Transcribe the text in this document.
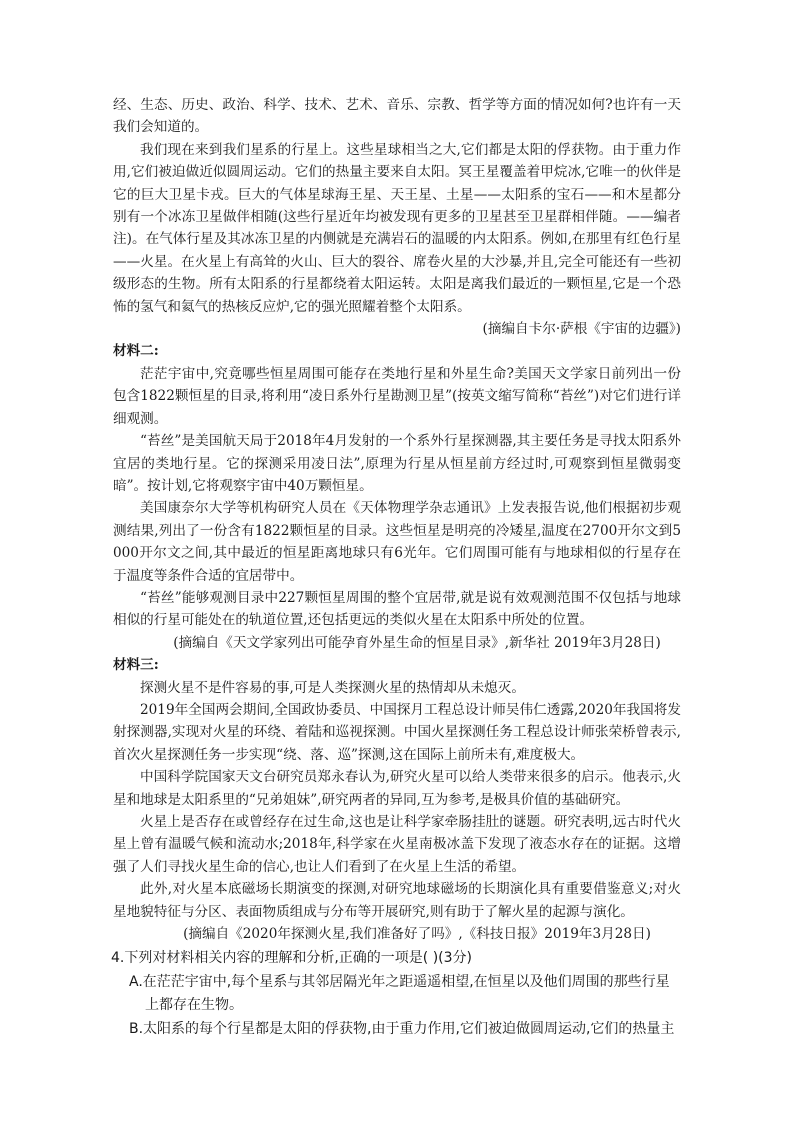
经、生态、历史、政治、科学、技术、艺术、音乐、宗教、哲学等方面的情况如何?也许有一天我们会知道的。

我们现在来到我们星系的行星上。这些星球相当之大,它们都是太阳的俘获物。由于重力作用,它们被迫做近似圆周运动。它们的热量主要来自太阳。冥王星覆盖着甲烷冰,它唯一的伙伴是它的巨大卫星卡戎。巨大的气体星球海王星、天王星、土星——太阳系的宝石——和木星都分别有一个冰冻卫星做伴相随(这些行星近年均被发现有更多的卫星甚至卫星群相伴随。——编者注)。在气体行星及其冰冻卫星的内侧就是充满岩石的温暖的内太阳系。例如,在那里有红色行星——火星。在火星上有高耸的火山、巨大的裂谷、席卷火星的大沙暴,并且,完全可能还有一些初级形态的生物。所有太阳系的行星都绕着太阳运转。太阳是离我们最近的一颗恒星,它是一个恐怖的氢气和氦气的热核反应炉,它的强光照耀着整个太阳系。

(摘编自卡尔·萨根《宇宙的边疆》)

材料二:

茫茫宇宙中,究竟哪些恒星周围可能存在类地行星和外星生命?美国天文学家日前列出一份包含1822颗恒星的目录,将利用“凌日系外行星勘测卫星”(按英文缩写简称“苔丝”)对它们进行详细观测。

“苔丝”是美国航天局于2018年4月发射的一个系外行星探测器,其主要任务是寻找太阳系外宜居的类地行星。它的探测采用凌日法”,原理为行星从恒星前方经过时,可观察到恒星微弱变暗”。按计划,它将观察宇宙中40万颗恒星。

美国康奈尔大学等机构研究人员在《天体物理学杂志通讯》上发表报告说,他们根据初步观测结果,列出了一份含有1822颗恒星的目录。这些恒星是明亮的冷矮星,温度在2700开尔文到5 000开尔文之间,其中最近的恒星距离地球只有6光年。它们周围可能有与地球相似的行星存在于温度等条件合适的宜居带中。

“苔丝”能够观测目录中227颗恒星周围的整个宜居带,就是说有效观测范围不仅包括与地球相似的行星可能处在的轨道位置,还包括更远的类似火星在太阳系中所处的位置。

(摘编自《天文学家列出可能孕育外星生命的恒星目录》,新华社 2019年3月28日)

材料三:

探测火星不是件容易的事,可是人类探测火星的热情却从未熄灭。

2019年全国两会期间,全国政协委员、中国探月工程总设计师吴伟仁透露,2020年我国将发射探测器,实现对火星的环绕、着陆和巡视探测。中国火星探测任务工程总设计师张荣桥曾表示,首次火星探测任务一步实现“绕、落、巡”探测,这在国际上前所未有,难度极大。

中国科学院国家天文台研究员郑永春认为,研究火星可以给人类带来很多的启示。他表示,火星和地球是太阳系里的“兄弟姐妹”,研究两者的异同,互为参考,是极具价值的基础研究。

火星上是否存在或曾经存在过生命,这也是让科学家牵肠挂肚的谜题。研究表明,远古时代火星上曾有温暖气候和流动水;2018年,科学家在火星南极冰盖下发现了液态水存在的证据。这增强了人们寻找火星生命的信心,也让人们看到了在火星上生活的希望。

此外,对火星本底磁场长期演变的探测,对研究地球磁场的长期演化具有重要借鉴意义;对火星地貌特征与分区、表面物质组成与分布等开展研究,则有助于了解火星的起源与演化。

(摘编自《2020年探测火星,我们准备好了吗》,《科技日报》2019年3月28日)

4.下列对材料相关内容的理解和分析,正确的一项是( )(3分)

A.在茫茫宇宙中,每个星系与其邻居隔光年之距遥遥相望,在恒星以及他们周围的那些行星
上都存在生物。

B.太阳系的每个行星都是太阳的俘获物,由于重力作用,它们被迫做圆周运动,它们的热量主
